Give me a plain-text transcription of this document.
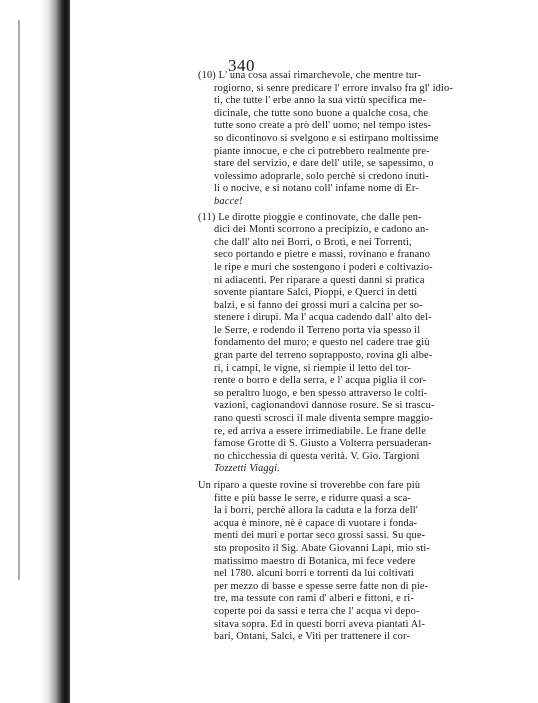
340
(10) L' una cosa assai rimarchevole, che mentre tur-
rogiorno, si senre predicare l' errore invalso fra gl' idio-
ti, che tutte l' erbe anno la sua virtù specifica me-
dicinale, che tutte sono buone a qualche cosa, che
tutte sono create a prò dell' uomo; nel tempo istes-
so dicontinovo si svelgono e si estirpano moltissime
piante innocue, e che ci potrebbero realmente pre-
stare del servizio, e dare dell' utile, se sapessimo, o
volessimo adoprarle, solo perchè si credono inuti-
li o nocive, e si notano coll' infame nome di Er-
bacce!
(11) Le dirotte pioggie e continovate, che dalle pen-
dici dei Monti scorrono a precipizio, e cadono an-
che dall' alto nei Borri, o Brotì, e nei Torrenti,
seco portando e pietre e massi, rovinano e franano
le ripe e muri che sostengono i poderi e coltivazio-
ni adiacenti. Per riparare a questi danni si pratica
sovente piantare Salci, Pioppi, e Querci in detti
balzi, e si fanno dei grossi muri a calcina per so-
stenere i dirupi. Ma l' acqua cadendo dall' alto del-
le Serre, e rodendo il Terreno porta via spesso il
fondamento del muro; e questo nel cadere trae giù
gran parte del terreno soprapposto, rovina gli albe-
ri, i campi, le vigne, si riempie il letto del tor-
rente o borro e della serra, e l' acqua piglia il cor-
so peraltro luogo, e ben spesso attraverso le colti-
vazioni, cagionandovi dannose rosure. Se si trascu-
rano questi scrosci il male diventa sempre maggio-
re, ed arriva a essere irrimediabile. Le frane delle
famose Grotte di S. Giusto a Volterra persuaderan-
no chicchessia di questa verità. V. Gio. Targioni
Tozzetti Viaggi.
Un riparo a queste rovine si troverebbe con fare più
fitte e più basse le serre, e ridurre quasi a sca-
la i borri, perchè allora la caduta e la forza dell'
acqua è minore, nè è capace di vuotare i fonda-
menti dei muri e portar seco grossi sassi. Su que-
sto proposito il Sig. Abate Giovanni Lapi, mio sti-
matissimo maestro di Botanica, mi fece vedere
nel 1780. alcuni borri e torrenti da lui coltivati
per mezzo di basse e spesse serre fatte non di pie-
tre, ma tessute con rami d' alberi e fittoni, e ri-
coperte poi da sassi e terra che l' acqua vi depo-
sitava sopra. Ed in questi borri aveva piantati Al-
bari, Ontani, Salci, e Viti per trattenere il cor-
